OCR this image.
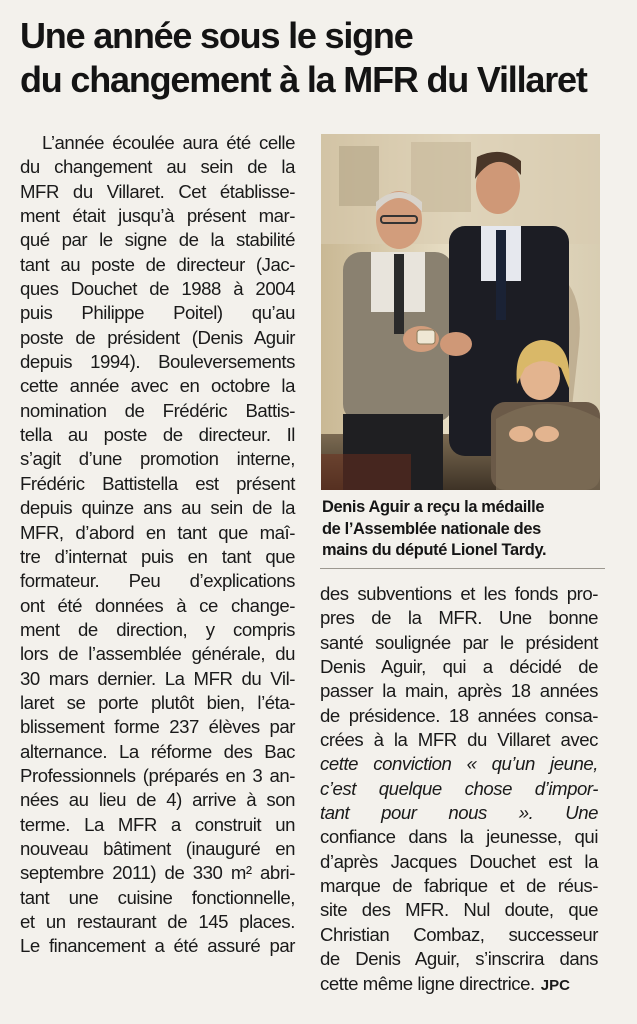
Une année sous le signe
du changement à la MFR du Villaret
L’année écoulée aura été celle
du changement au sein de la
MFR du Villaret. Cet établisse-
ment était jusqu’à présent mar-
qué par le signe de la stabilité
tant au poste de directeur (Jac-
ques Douchet de 1988 à 2004
puis Philippe Poitel) qu’au
poste de président (Denis Aguir
depuis 1994). Bouleversements
cette année avec en octobre la
nomination de Frédéric Battis-
tella au poste de directeur. Il
s’agit d’une promotion interne,
Frédéric Battistella est présent
depuis quinze ans au sein de la
MFR, d’abord en tant que maî-
tre d’internat puis en tant que
formateur. Peu d’explications
ont été données à ce change-
ment de direction, y compris
lors de l’assemblée générale, du
30 mars dernier. La MFR du Vil-
laret se porte plutôt bien, l’éta-
blissement forme 237 élèves par
alternance. La réforme des Bac
Professionnels (préparés en 3 an-
nées au lieu de 4) arrive à son
terme. La MFR a construit un
nouveau bâtiment (inauguré en
septembre 2011) de 330 m² abri-
tant une cuisine fonctionnelle,
et un restaurant de 145 places.
Le financement a été assuré par
Denis Aguir a reçu la médaille
de l’Assemblée nationale des
mains du député Lionel Tardy.
des subventions et les fonds pro-
pres de la MFR. Une bonne
santé soulignée par le président
Denis Aguir, qui a décidé de
passer la main, après 18 années
de présidence. 18 années consa-
crées à la MFR du Villaret avec
cette conviction « qu’un jeune,
c’est quelque chose d’impor-
tant pour nous ». Une
confiance dans la jeunesse, qui
d’après Jacques Douchet est la
marque de fabrique et de réus-
site des MFR. Nul doute, que
Christian Combaz, successeur
de Denis Aguir, s’inscrira dans
cette même ligne directrice. JPC
